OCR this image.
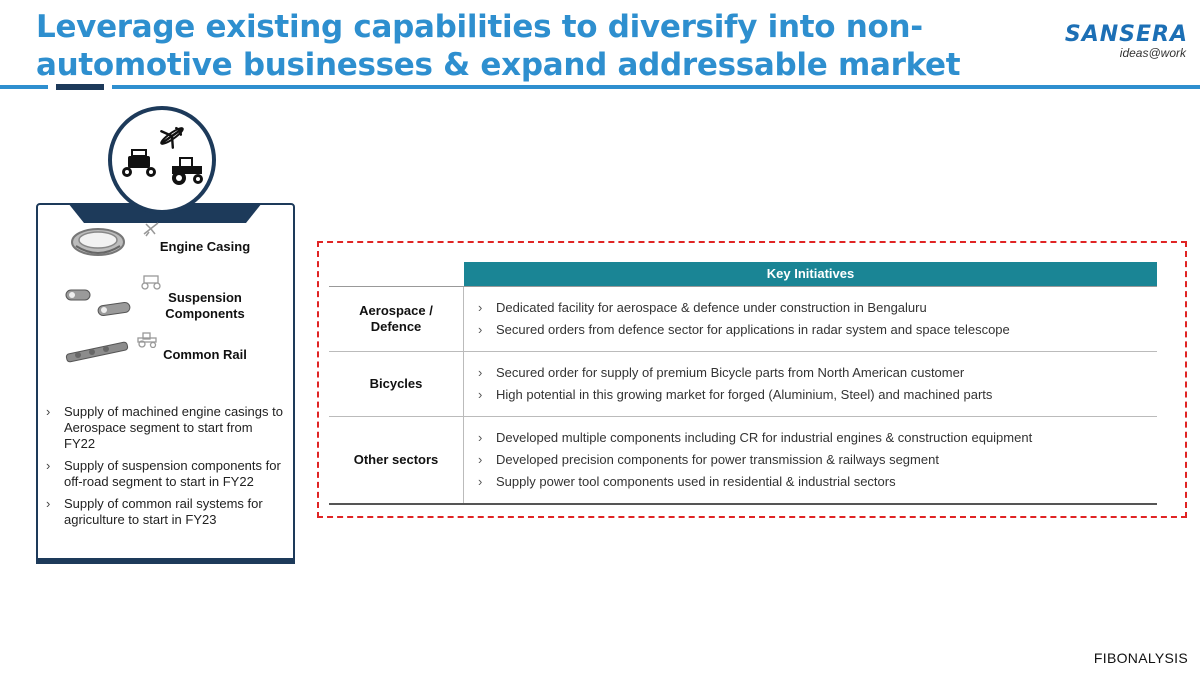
Leverage existing capabilities to diversify into non-
automotive businesses & expand addressable market
SANSERA
ideas@work
Engine Casing
Suspension
Components
Common Rail
› Supply of machined engine casings to Aerospace segment to start from FY22
› Supply of suspension components for off-road segment to start in FY22
› Supply of common rail systems for agriculture to start in FY23
Key Initiatives
Aerospace /
Defence
› Dedicated facility for aerospace & defence under construction in Bengaluru
› Secured orders from defence sector for applications in radar system and space telescope
Bicycles
› Secured order for supply of premium Bicycle parts from North American customer
› High potential in this growing market for forged (Aluminium, Steel) and machined parts
Other sectors
› Developed multiple components including CR for industrial engines & construction equipment
› Developed precision components for power transmission & railways segment
› Supply power tool components used in residential & industrial sectors
FIBONALYSIS
